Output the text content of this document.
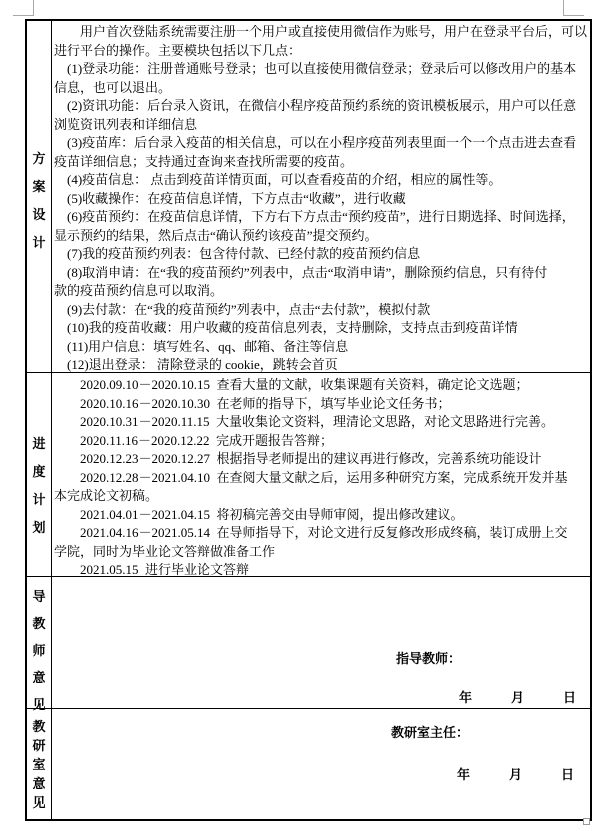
方
案
设
计
　　用户首次登陆系统需要注册一个用户或直接使用微信作为账号，用户在登录平台后，可以
进行平台的操作。主要模块包括以下几点：
　(1)登录功能：注册普通账号登录；也可以直接使用微信登录；登录后可以修改用户的基本
信息，也可以退出。
　(2)资讯功能：后台录入资讯，在微信小程序疫苗预约系统的资讯模板展示，用户可以任意
浏览资讯列表和详细信息
　(3)疫苗库：后台录入疫苗的相关信息，可以在小程序疫苗列表里面一个一个点击进去查看
疫苗详细信息；支持通过查询来查找所需要的疫苗。
　(4)疫苗信息： 点击到疫苗详情页面，可以查看疫苗的介绍，相应的属性等。
　(5)收藏操作：在疫苗信息详情，下方点击“收藏”，进行收藏
　(6)疫苗预约：在疫苗信息详情，下方右下方点击“预约疫苗”，进行日期选择、时间选择，
显示预约的结果，然后点击“确认预约该疫苗”提交预约。
　(7)我的疫苗预约列表：包含待付款、已经付款的疫苗预约信息
　(8)取消申请：在“我的疫苗预约”列表中，点击“取消申请”，删除预约信息，只有待付
款的疫苗预约信息可以取消。
　(9)去付款：在“我的疫苗预约”列表中，点击“去付款”，模拟付款
　(10)我的疫苗收藏：用户收藏的疫苗信息列表，支持删除，支持点击到疫苗详情
　(11)用户信息：填写姓名、qq、邮箱、备注等信息
　(12)退出登录： 清除登录的 cookie，跳转会首页
进
度
计
划
　　2020.09.10－2020.10.15  查看大量的文献，收集课题有关资料，确定论文选题；
　　2020.10.16－2020.10.30  在老师的指导下，填写毕业论文任务书；
　　2020.10.31－2020.11.15  大量收集论文资料，理清论文思路，对论文思路进行完善。
　　2020.11.16－2020.12.22  完成开题报告答辩；
　　2020.12.23－2020.12.27  根据指导老师提出的建议再进行修改，完善系统功能设计
　　2020.12.28－2021.04.10  在查阅大量文献之后，运用多种研究方案，完成系统开发并基
本完成论文初稿。
　　2021.04.01－2021.04.15  将初稿完善交由导师审阅，提出修改建议。
　　2021.04.16－2021.05.14  在导师指导下，对论文进行反复修改形成终稿，装订成册上交
学院，同时为毕业论文答辩做准备工作
　　2021.05.15  进行毕业论文答辩
导
教
师
意
见
指导教师：
年　　　月　　　日
教
研
室
意
见
教研室主任：
年　　　月　　　日
